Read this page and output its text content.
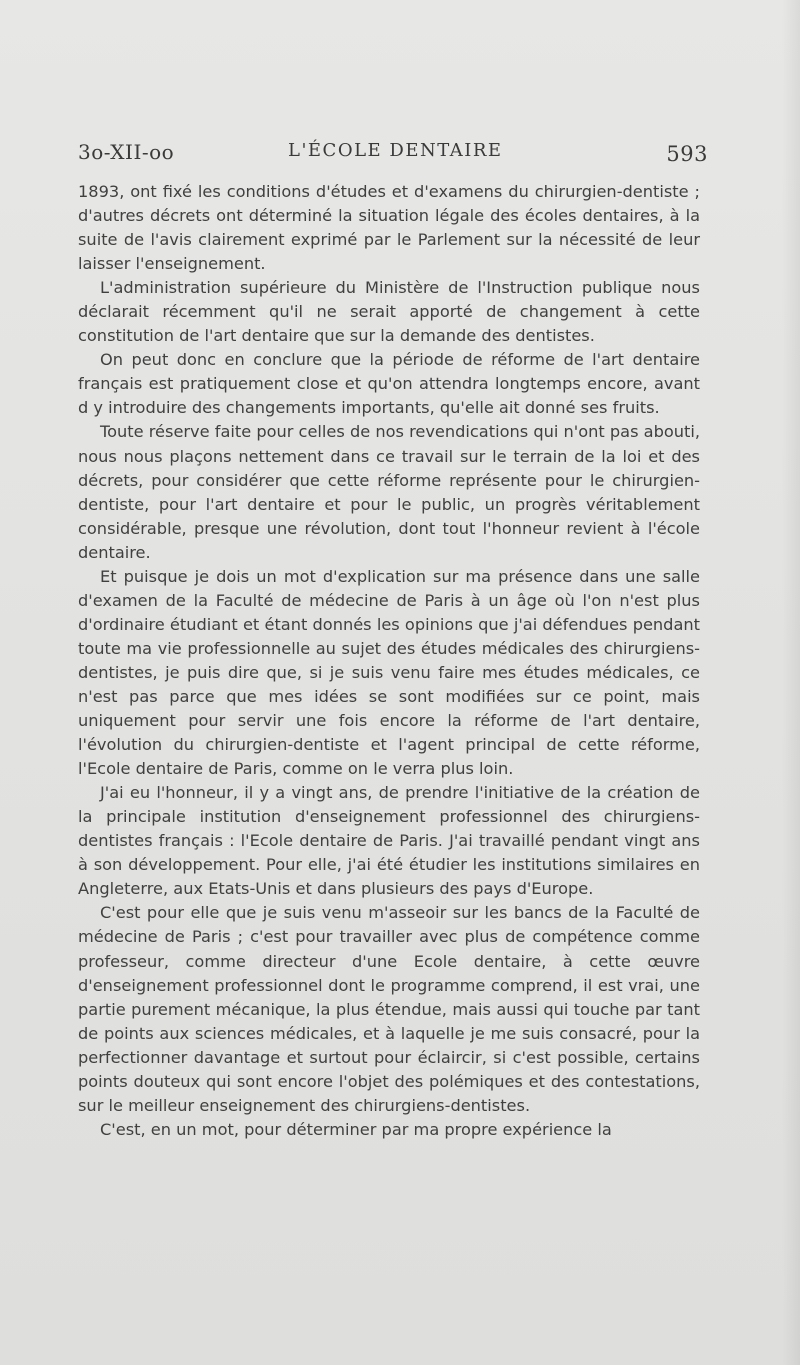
3o-XII-oo	L'ÉCOLE DENTAIRE	593

1893, ont fixé les conditions d'études et d'examens du chirurgien-dentiste ; d'autres décrets ont déterminé la situation légale des écoles dentaires, à la suite de l'avis clairement exprimé par le Parlement sur la nécessité de leur laisser l'enseignement.

L'administration supérieure du Ministère de l'Instruction publique nous déclarait récemment qu'il ne serait apporté de changement à cette constitution de l'art dentaire que sur la demande des dentistes.

On peut donc en conclure que la période de réforme de l'art dentaire français est pratiquement close et qu'on attendra longtemps encore, avant d y introduire des changements importants, qu'elle ait donné ses fruits.

Toute réserve faite pour celles de nos revendications qui n'ont pas abouti, nous nous plaçons nettement dans ce travail sur le terrain de la loi et des décrets, pour considérer que cette réforme représente pour le chirurgien-dentiste, pour l'art dentaire et pour le public, un progrès véritablement considérable, presque une révolution, dont tout l'honneur revient à l'école dentaire.

Et puisque je dois un mot d'explication sur ma présence dans une salle d'examen de la Faculté de médecine de Paris à un âge où l'on n'est plus d'ordinaire étudiant et étant donnés les opinions que j'ai défendues pendant toute ma vie professionnelle au sujet des études médicales des chirurgiens-dentistes, je puis dire que, si je suis venu faire mes études médicales, ce n'est pas parce que mes idées se sont modifiées sur ce point, mais uniquement pour servir une fois encore la réforme de l'art dentaire, l'évolution du chirurgien-dentiste et l'agent principal de cette réforme, l'Ecole dentaire de Paris, comme on le verra plus loin.

J'ai eu l'honneur, il y a vingt ans, de prendre l'initiative de la création de la principale institution d'enseignement professionnel des chirurgiens-dentistes français : l'Ecole dentaire de Paris. J'ai travaillé pendant vingt ans à son développement. Pour elle, j'ai été étudier les institutions similaires en Angleterre, aux Etats-Unis et dans plusieurs des pays d'Europe.

C'est pour elle que je suis venu m'asseoir sur les bancs de la Faculté de médecine de Paris ; c'est pour travailler avec plus de compétence comme professeur, comme directeur d'une Ecole dentaire, à cette œuvre d'enseignement professionnel dont le programme comprend, il est vrai, une partie purement mécanique, la plus étendue, mais aussi qui touche par tant de points aux sciences médicales, et à laquelle je me suis consacré, pour la perfectionner davantage et surtout pour éclaircir, si c'est possible, certains points douteux qui sont encore l'objet des polémiques et des contestations, sur le meilleur enseignement des chirurgiens-dentistes.

C'est, en un mot, pour déterminer par ma propre expérience la
